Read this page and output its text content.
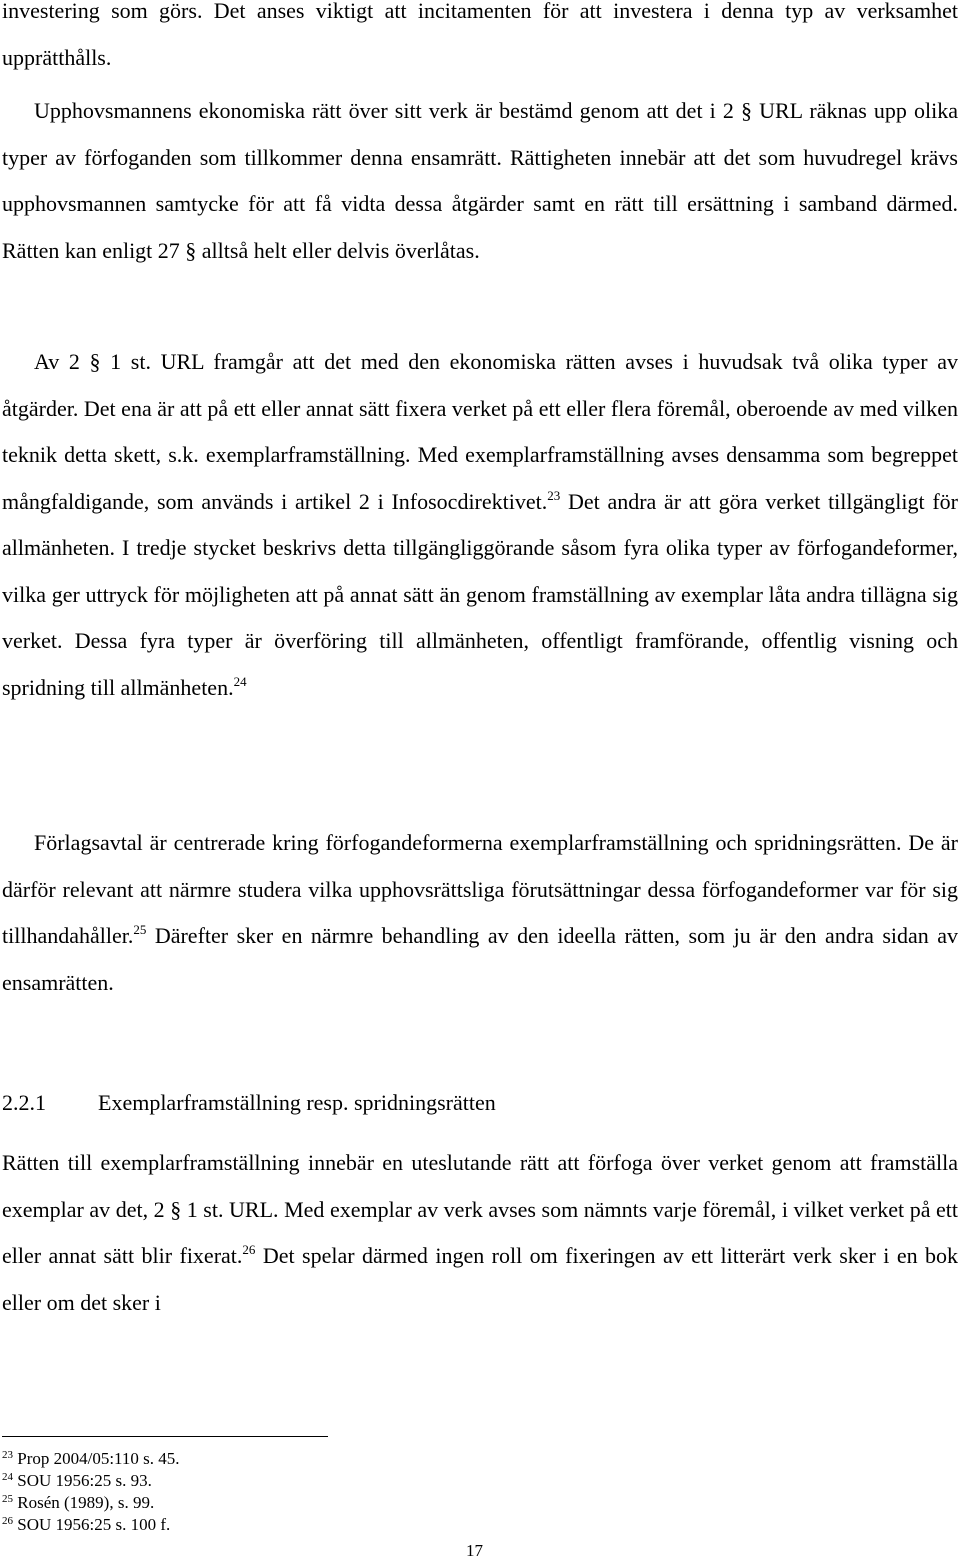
investering som görs. Det anses viktigt att incitamenten för att investera i denna typ av verksamhet upprätthålls.

Upphovsmannens ekonomiska rätt över sitt verk är bestämd genom att det i 2 § URL räknas upp olika typer av förfoganden som tillkommer denna ensamrätt. Rättigheten innebär att det som huvudregel krävs upphovsmannen samtycke för att få vidta dessa åtgärder samt en rätt till ersättning i samband därmed. Rätten kan enligt 27 § alltså helt eller delvis överlåtas.

Av 2 § 1 st. URL framgår att det med den ekonomiska rätten avses i huvudsak två olika typer av åtgärder. Det ena är att på ett eller annat sätt fixera verket på ett eller flera föremål, oberoende av med vilken teknik detta skett, s.k. exemplarframställning. Med exemplarframställning avses densamma som begreppet mångfaldigande, som används i artikel 2 i Infosocdirektivet.$^{23}$ Det andra är att göra verket tillgängligt för allmänheten. I tredje stycket beskrivs detta tillgängliggörande såsom fyra olika typer av förfogandeformer, vilka ger uttryck för möjligheten att på annat sätt än genom framställning av exemplar låta andra tillägna sig verket. Dessa fyra typer är överföring till allmänheten, offentligt framförande, offentlig visning och spridning till allmänheten.$^{24}$

Förlagsavtal är centrerade kring förfogandeformerna exemplarframställning och spridningsrätten. De är därför relevant att närmre studera vilka upphovsrättsliga förutsättningar dessa förfogandeformer var för sig tillhandahåller.$^{25}$ Därefter sker en närmre behandling av den ideella rätten, som ju är den andra sidan av ensamrätten.

2.2.1 Exemplarframställning resp. spridningsrätten

Rätten till exemplarframställning innebär en uteslutande rätt att förfoga över verket genom att framställa exemplar av det, 2 § 1 st. URL. Med exemplar av verk avses som nämnts varje föremål, i vilket verket på ett eller annat sätt blir fixerat.$^{26}$ Det spelar därmed ingen roll om fixeringen av ett litterärt verk sker i en bok eller om det sker i

$^{23}$ Prop 2004/05:110 s. 45.

$^{24}$ SOU 1956:25 s. 93.

$^{25}$ Rosén (1989), s. 99.

$^{26}$ SOU 1956:25 s. 100 f.

17
